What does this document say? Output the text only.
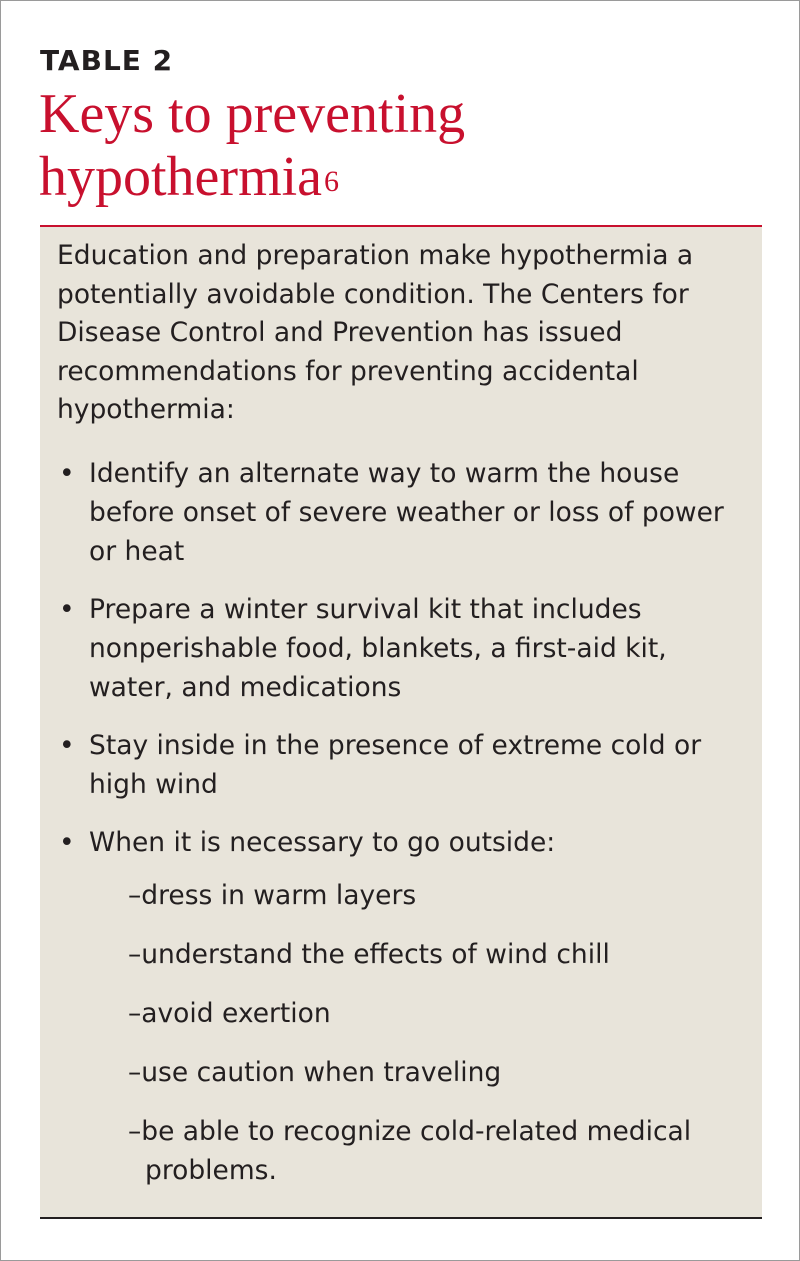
TABLE 2
Keys to preventing hypothermia$^6$

Education and preparation make hypothermia a potentially avoidable condition. The Centers for Disease Control and Prevention has issued recommendations for preventing accidental hypothermia:

• Identify an alternate way to warm the house before onset of severe weather or loss of power or heat
• Prepare a winter survival kit that includes nonperishable food, blankets, a first-aid kit, water, and medications
• Stay inside in the presence of extreme cold or high wind
• When it is necessary to go outside:
–dress in warm layers
–understand the effects of wind chill
–avoid exertion
–use caution when traveling
–be able to recognize cold-related medical problems.
